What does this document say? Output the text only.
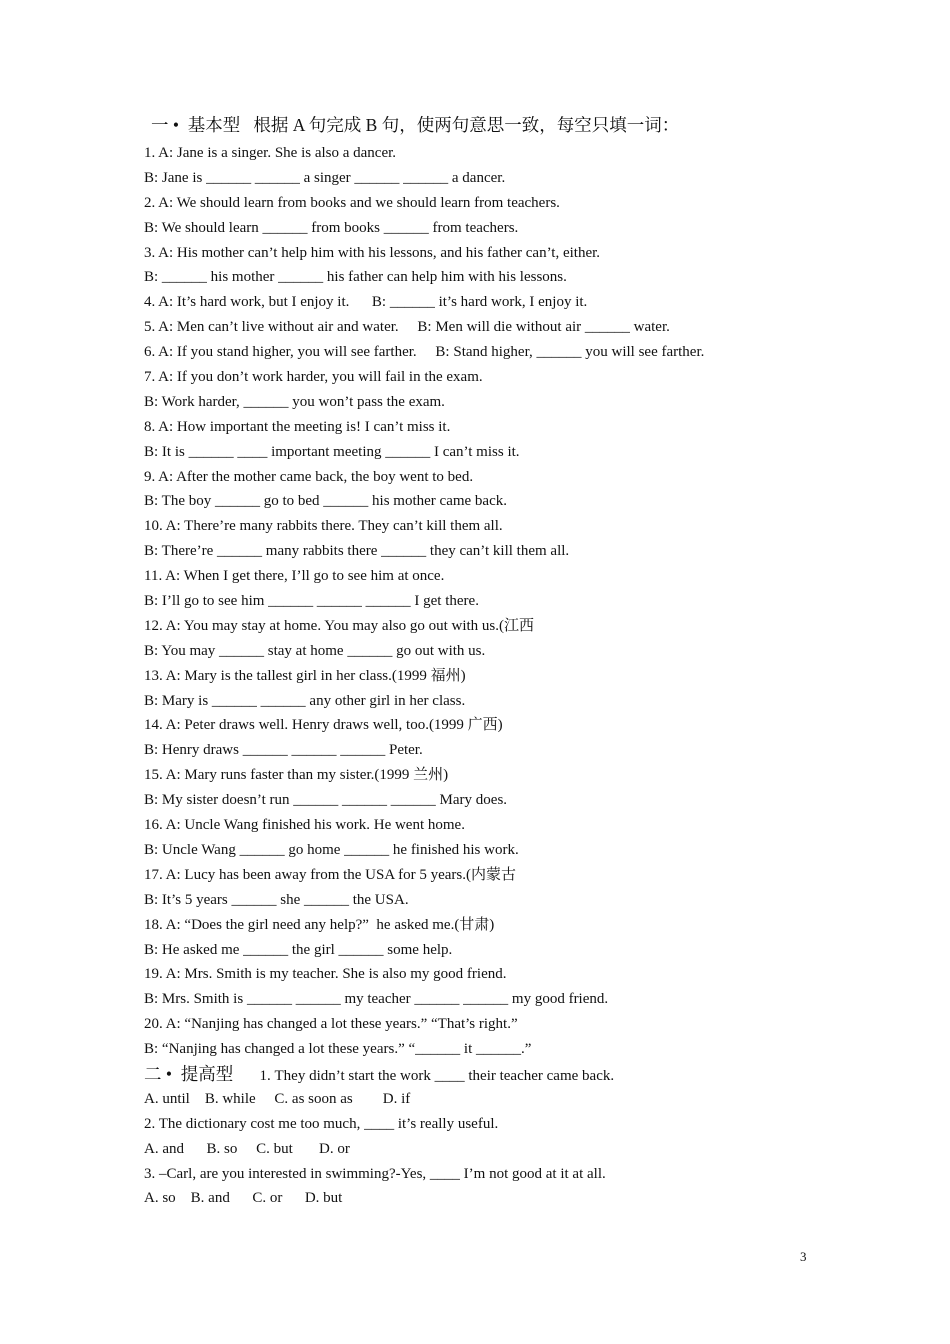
一 •  基本型   根据 A 句完成 B 句，使两句意思一致，每空只填一词：
1. A: Jane is a singer. She is also a dancer.
B: Jane is ______ ______ a singer ______ ______ a dancer.
2. A: We should learn from books and we should learn from teachers.
B: We should learn ______ from books ______ from teachers.
3. A: His mother can’t help him with his lessons, and his father can’t, either.
B: ______ his mother ______ his father can help him with his lessons.
4. A: It’s hard work, but I enjoy it.      B: ______ it’s hard work, I enjoy it.
5. A: Men can’t live without air and water.     B: Men will die without air ______ water.
6. A: If you stand higher, you will see farther.     B: Stand higher, ______ you will see farther.
7. A: If you don’t work harder, you will fail in the exam.
B: Work harder, ______ you won’t pass the exam.
8. A: How important the meeting is! I can’t miss it.
B: It is ______ ____ important meeting ______ I can’t miss it.
9. A: After the mother came back, the boy went to bed.
B: The boy ______ go to bed ______ his mother came back.
10. A: There’re many rabbits there. They can’t kill them all.
B: There’re ______ many rabbits there ______ they can’t kill them all.
11. A: When I get there, I’ll go to see him at once.
B: I’ll go to see him ______ ______ ______ I get there.
12. A: You may stay at home. You may also go out with us.(江西
B: You may ______ stay at home ______ go out with us.
13. A: Mary is the tallest girl in her class.(1999 福州)
B: Mary is ______ ______ any other girl in her class.
14. A: Peter draws well. Henry draws well, too.(1999 广西)
B: Henry draws ______ ______ ______ Peter.
15. A: Mary runs faster than my sister.(1999 兰州)
B: My sister doesn’t run ______ ______ ______ Mary does.
16. A: Uncle Wang finished his work. He went home.
B: Uncle Wang ______ go home ______ he finished his work.
17. A: Lucy has been away from the USA for 5 years.(内蒙古
B: It’s 5 years ______ she ______ the USA.
18. A: “Does the girl need any help?”  he asked me.(甘肃)
B: He asked me ______ the girl ______ some help.
19. A: Mrs. Smith is my teacher. She is also my good friend.
B: Mrs. Smith is ______ ______ my teacher ______ ______ my good friend.
20. A: “Nanjing has changed a lot these years.” “That’s right.”
B: “Nanjing has changed a lot these years.” “______ it ______.”
二 •  提高型 1. They didn’t start the work ____ their teacher came back.
A. until    B. while     C. as soon as        D. if
2. The dictionary cost me too much, ____ it’s really useful.
A. and      B. so     C. but       D. or
3. –Carl, are you interested in swimming?-Yes, ____ I’m not good at it at all.
A. so    B. and      C. or      D. but
3
